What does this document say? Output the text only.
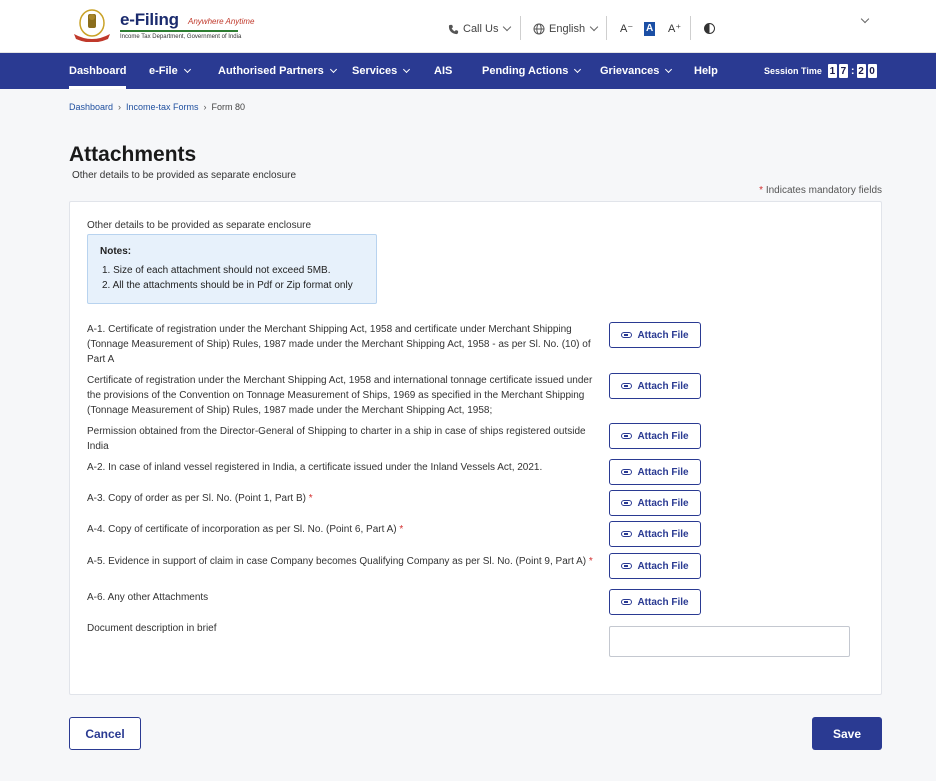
e-Filing Anywhere Anytime
Income Tax Department, Government of India
Call Us	English	A⁻ A A⁺
Dashboard e-File	Authorised Partners	Services	AIS	Pending Actions	Grievances	Help	Session Time 1 7 : 2 0
Dashboard › Income-tax Forms › Form 80
Attachments
Other details to be provided as separate enclosure
* Indicates mandatory fields
Other details to be provided as separate enclosure
Notes:
1. Size of each attachment should not exceed 5MB.
2. All the attachments should be in Pdf or Zip format only
A-1. Certificate of registration under the Merchant Shipping Act, 1958 and certificate under Merchant Shipping (Tonnage Measurement of Ship) Rules, 1987 made under the Merchant Shipping Act, 1958 - as per Sl. No. (10) of Part A
Attach File
Certificate of registration under the Merchant Shipping Act, 1958 and international tonnage certificate issued under the provisions of the Convention on Tonnage Measurement of Ships, 1969 as specified in the Merchant Shipping (Tonnage Measurement of Ship) Rules, 1987 made under the Merchant Shipping Act, 1958;
Attach File
Permission obtained from the Director-General of Shipping to charter in a ship in case of ships registered outside India
Attach File
A-2. In case of inland vessel registered in India, a certificate issued under the Inland Vessels Act, 2021.	Attach File
A-3. Copy of order as per Sl. No. (Point 1, Part B) *	Attach File
A-4. Copy of certificate of incorporation as per Sl. No. (Point 6, Part A) *	Attach File
A-5. Evidence in support of claim in case Company becomes Qualifying Company as per Sl. No. (Point 9, Part A) *	Attach File
A-6. Any other Attachments	Attach File
Document description in brief
Cancel	Save
